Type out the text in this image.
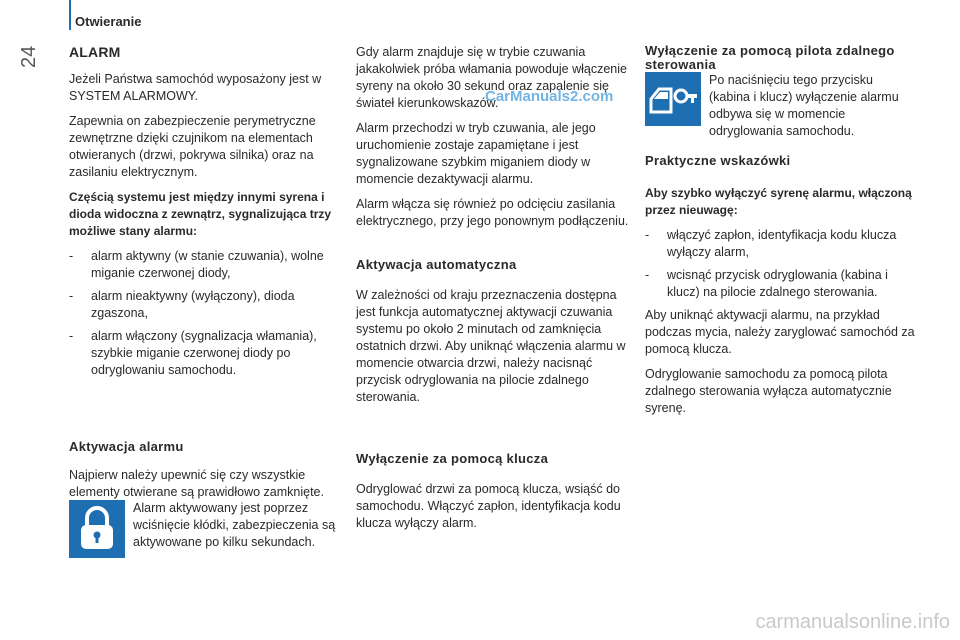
24
Otwieranie
ALARM

Jeżeli Państwa samochód wyposażony jest w SYSTEM ALARMOWY.

Zapewnia on zabezpieczenie perymetryczne zewnętrzne dzięki czujnikom na elementach otwieranych (drzwi, pokrywa silnika) oraz na zasilaniu elektrycznym.

Częścią systemu jest między innymi syrena i dioda widoczna z zewnątrz, sygnalizująca trzy możliwe stany alarmu:

- alarm aktywny (w stanie czuwania), wolne miganie czerwonej diody,
- alarm nieaktywny (wyłączony), dioda zgaszona,
- alarm włączony (sygnalizacja włamania), szybkie miganie czerwonej diody po odryglowaniu samochodu.
Aktywacja alarmu

Najpierw należy upewnić się czy wszystkie elementy otwierane są prawidłowo zamknięte.

Alarm aktywowany jest poprzez wciśnięcie kłódki, zabezpieczenia są aktywowane po kilku sekundach.

Gdy alarm znajduje się w trybie czuwania jakakolwiek próba włamania powoduje włączenie syreny na około 30 sekund oraz zapalenie się świateł kierunkowskazów.

Alarm przechodzi w tryb czuwania, ale jego uruchomienie zostaje zapamiętane i jest sygnalizowane szybkim miganiem diody w momencie dezaktywacji alarmu.

Alarm włącza się również po odcięciu zasilania elektrycznego, przy jego ponownym podłączeniu.

Aktywacja automatyczna

W zależności od kraju przeznaczenia dostępna jest funkcja automatycznej aktywacji czuwania systemu po około 2 minutach od zamknięcia ostatnich drzwi. Aby uniknąć włączenia alarmu w momencie otwarcia drzwi, należy nacisnąć przycisk odryglowania na pilocie zdalnego sterowania.

Wyłączenie za pomocą klucza

Odryglować drzwi za pomocą klucza, wsiąść do samochodu. Włączyć zapłon, identyfikacja kodu klucza wyłączy alarm.

Wyłączenie za pomocą pilota zdalnego sterowania
Po naciśnięciu tego przycisku (kabina i klucz) wyłączenie alarmu odbywa się w momencie odryglowania samochodu.
Praktyczne wskazówki

Aby szybko wyłączyć syrenę alarmu, włączoną przez nieuwagę:

- włączyć zapłon, identyfikacja kodu klucza wyłączy alarm,
- wcisnąć przycisk odryglowania (kabina i klucz) na pilocie zdalnego sterowania.

Aby uniknąć aktywacji alarmu, na przykład podczas mycia, należy zaryglować samochód za pomocą klucza.

Odryglowanie samochodu za pomocą pilota zdalnego sterowania wyłącza automatycznie syrenę.

CarManuals2.com
carmanualsonline.info
